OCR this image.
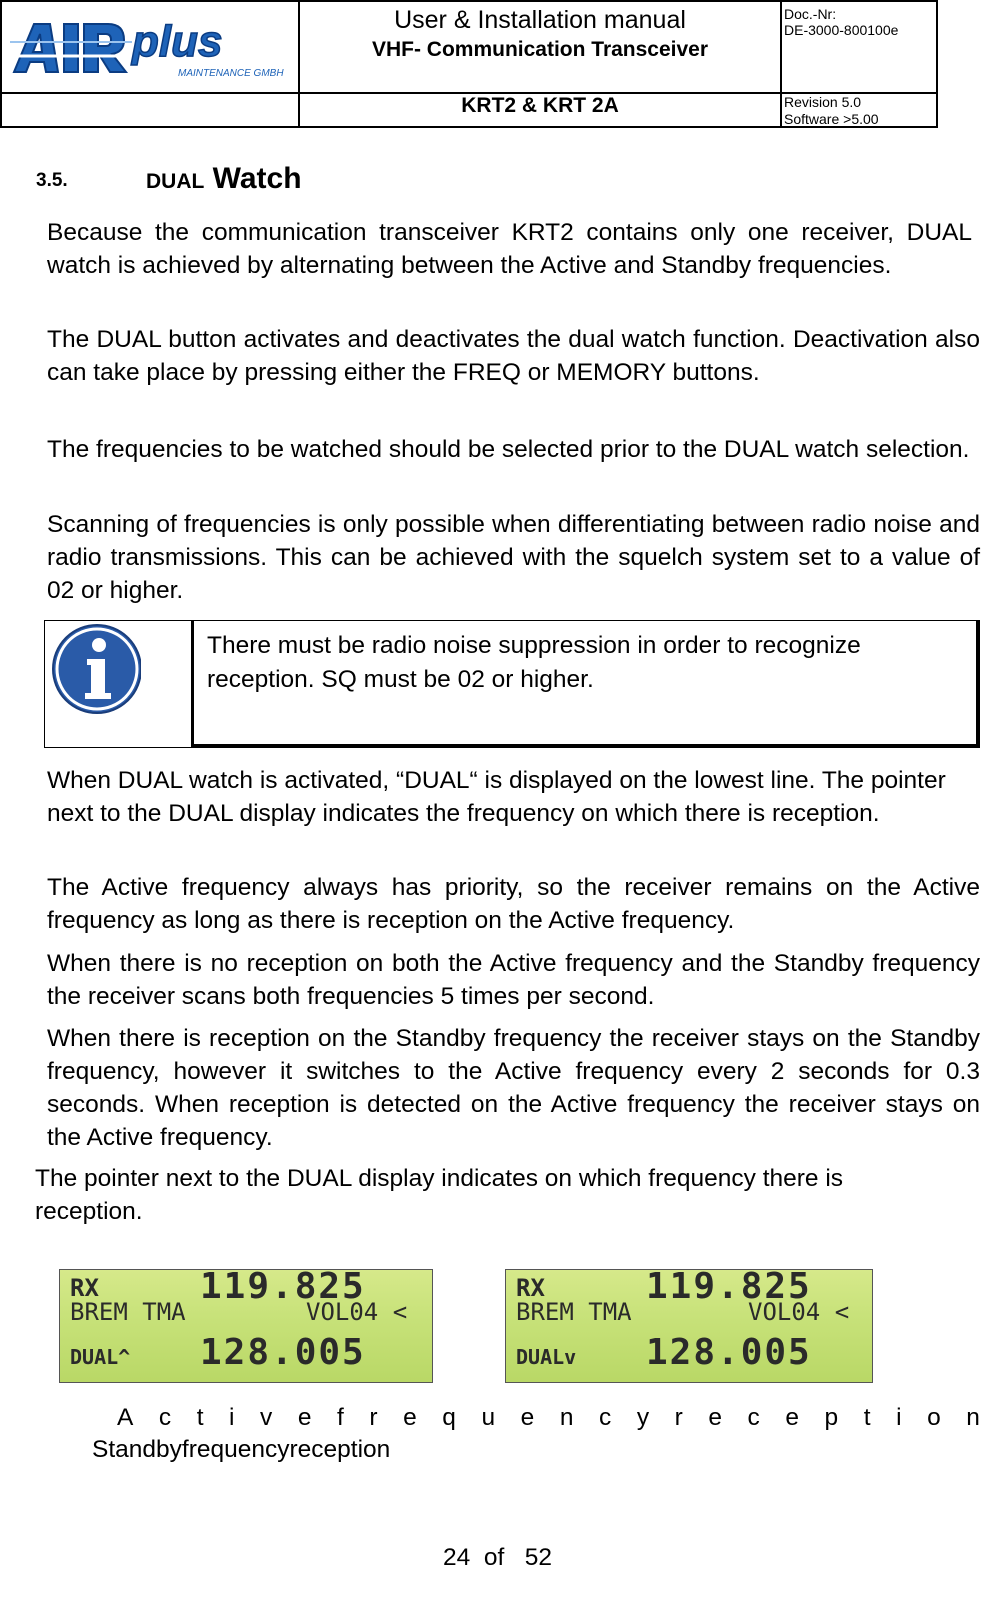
plus
MAINTENANCE GMBH
User & Installation manual
VHF- Communication Transceiver
Doc.-Nr:
DE-3000-800100e
KRT2 & KRT 2A	Revision 5.0
Software >5.00
3.5.	DUAL Watch
Because the communication transceiver KRT2 contains only one receiver, DUAL watch is achieved by alternating between the Active and Standby frequencies.
The DUAL button activates and deactivates the dual watch function. Deactivation also can take place by pressing either the FREQ or MEMORY buttons.
The frequencies to be watched should be selected prior to the DUAL watch selection.
Scanning of frequencies is only possible when differentiating between radio noise and radio transmissions. This can be achieved with the squelch system set to a value of 02 or higher.
There must be radio noise suppression in order to recognize reception. SQ must be 02 or higher.
When DUAL watch is activated, “DUAL“ is displayed on the lowest line. The pointer next to the DUAL display indicates the frequency on which there is reception.
The Active frequency always has priority, so the receiver remains on the Active frequency as long as there is reception on the Active frequency.
When there is no reception on both the Active frequency and the Standby frequency the receiver scans both frequencies 5 times per second.
When there is reception on the Standby frequency the receiver stays on the Standby frequency, however it switches to the Active frequency every 2 seconds for 0.3 seconds. When reception is detected on the Active frequency the receiver stays on the Active frequency.
The pointer next to the DUAL display indicates on which frequency there is reception.
RX	119.825
BREM TMA	VOL04 <
DUAL^ 128.005
RX	119.825
BREM TMA	VOL04 <
DUALv 128.005
A c t i v e f r e q u e n c y r e c e p t i o n
Standbyfrequencyreception
24  of   52
